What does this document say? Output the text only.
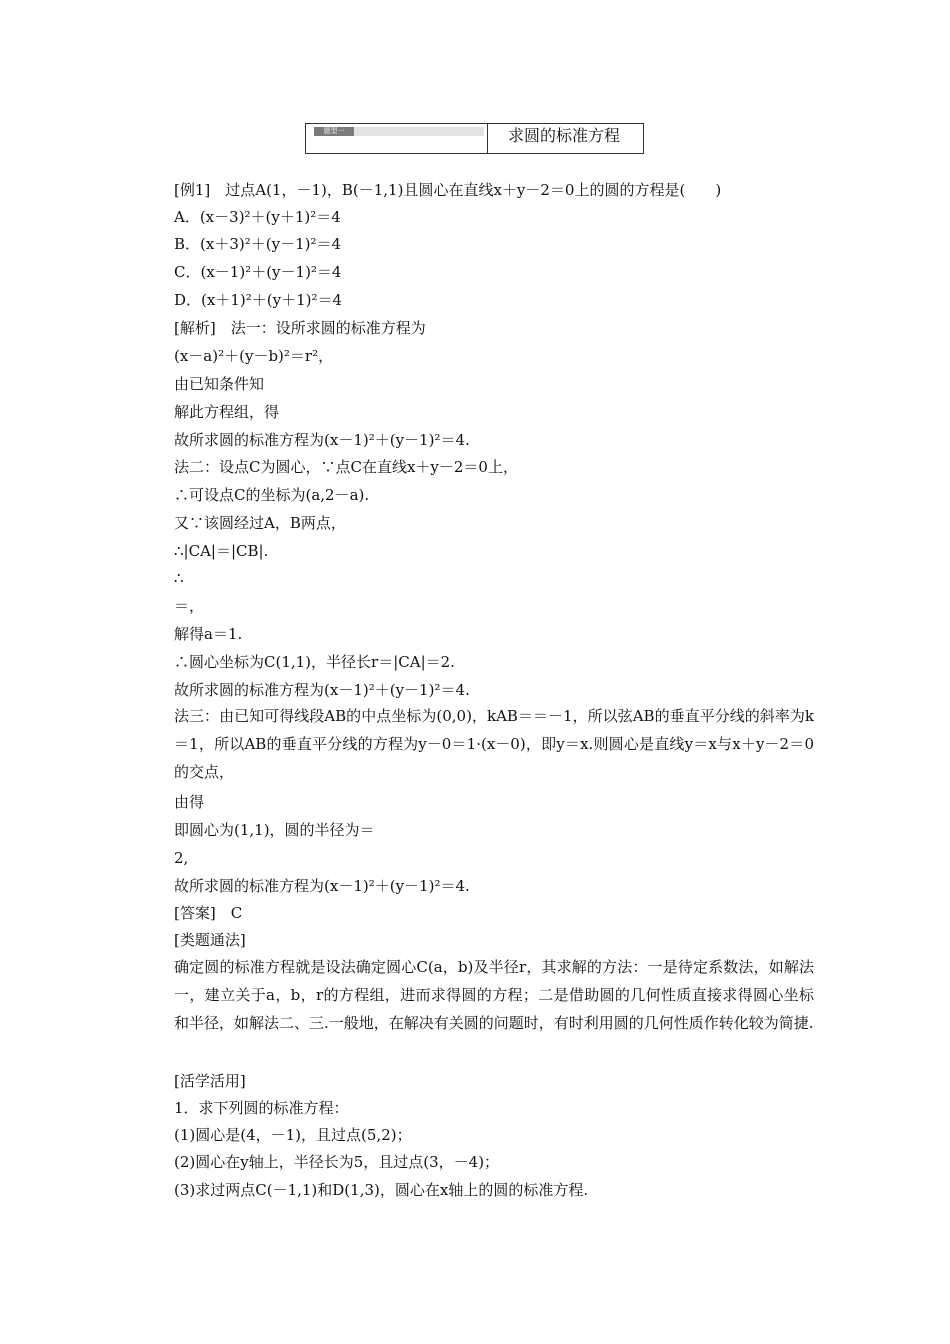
题型一	求圆的标准方程
[例1]　过点A(1，－1)，B(－1,1)且圆心在直线x＋y－2＝0上的圆的方程是(　　)
A．(x－3)²＋(y＋1)²＝4
B．(x＋3)²＋(y－1)²＝4
C．(x－1)²＋(y－1)²＝4
D．(x＋1)²＋(y＋1)²＝4
[解析]　法一：设所求圆的标准方程为
(x－a)²＋(y－b)²＝r²，
由已知条件知
解此方程组，得
故所求圆的标准方程为(x－1)²＋(y－1)²＝4.
法二：设点C为圆心，∵点C在直线x＋y－2＝0上，
∴可设点C的坐标为(a,2－a).
又∵该圆经过A，B两点，
∴|CA|＝|CB|.
∴
＝，
解得a＝1.
∴圆心坐标为C(1,1)，半径长r＝|CA|＝2.
故所求圆的标准方程为(x－1)²＋(y－1)²＝4.
法三：由已知可得线段AB的中点坐标为(0,0)，kAB＝＝－1，所以弦AB的垂直平分线的斜率为k＝1，所以AB的垂直平分线的方程为y－0＝1·(x－0)，即y＝x.则圆心是直线y＝x与x＋y－2＝0的交点，
由得
即圆心为(1,1)，圆的半径为＝
2,
故所求圆的标准方程为(x－1)²＋(y－1)²＝4.
[答案]　C
[类题通法]
确定圆的标准方程就是设法确定圆心C(a，b)及半径r，其求解的方法：一是待定系数法，如解法一，建立关于a，b，r的方程组，进而求得圆的方程；二是借助圆的几何性质直接求得圆心坐标和半径，如解法二、三.一般地，在解决有关圆的问题时，有时利用圆的几何性质作转化较为简捷.
[活学活用]
1．求下列圆的标准方程：
(1)圆心是(4，－1)，且过点(5,2)；
(2)圆心在y轴上，半径长为5，且过点(3，－4)；
(3)求过两点C(－1,1)和D(1,3)，圆心在x轴上的圆的标准方程.
